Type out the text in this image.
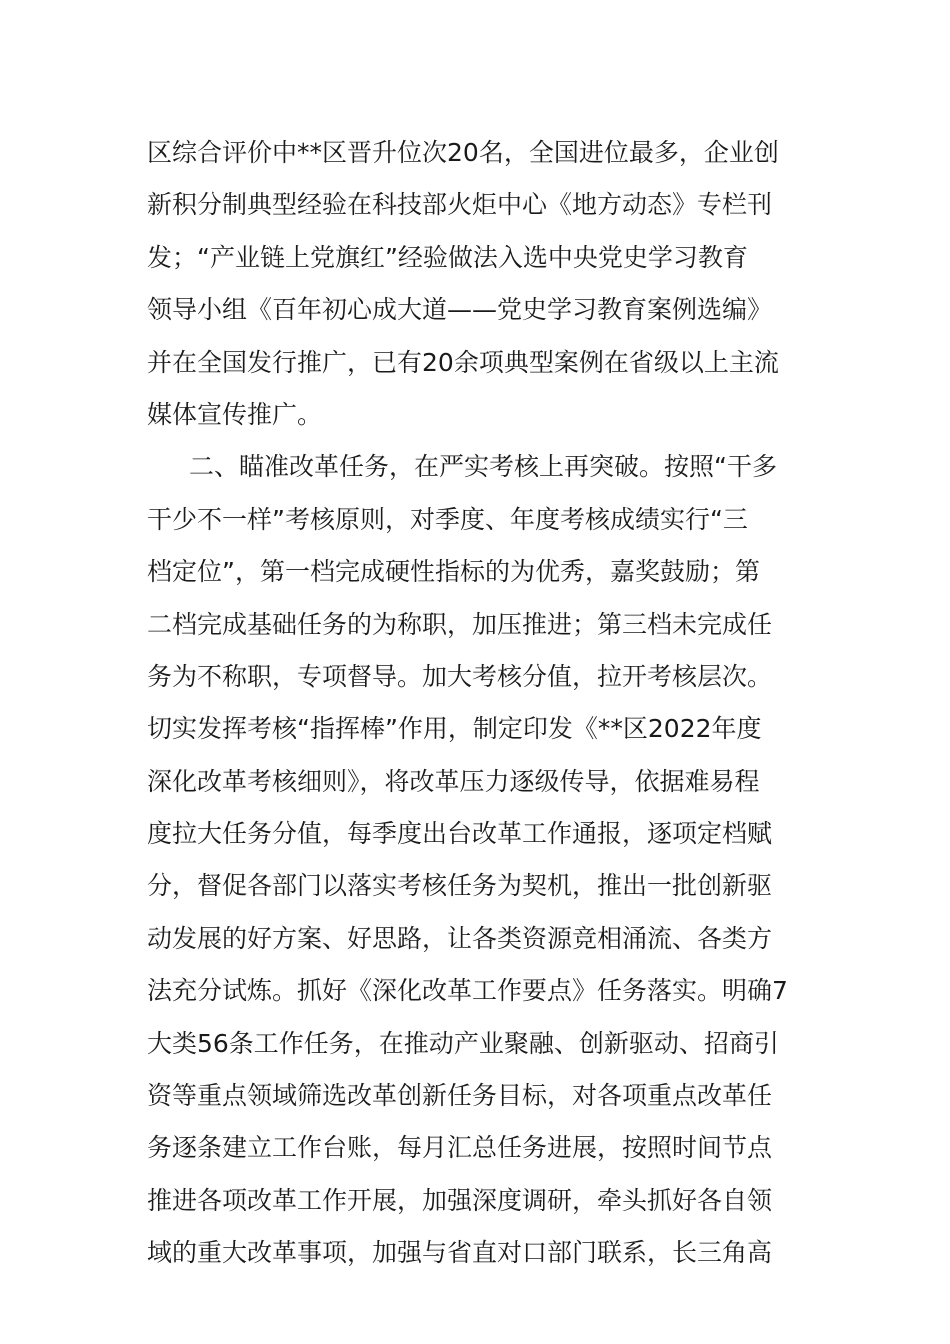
区综合评价中**区晋升位次20名，全国进位最多，企业创
新积分制典型经验在科技部火炬中心《地方动态》专栏刊
发；“产业链上党旗红”经验做法入选中央党史学习教育
领导小组《百年初心成大道——党史学习教育案例选编》
并在全国发行推广，已有20余项典型案例在省级以上主流
媒体宣传推广。
二、瞄准改革任务，在严实考核上再突破。按照“干多
干少不一样”考核原则，对季度、年度考核成绩实行“三
档定位”，第一档完成硬性指标的为优秀，嘉奖鼓励；第
二档完成基础任务的为称职，加压推进；第三档未完成任
务为不称职，专项督导。加大考核分值，拉开考核层次。
切实发挥考核“指挥棒”作用，制定印发《**区2022年度
深化改革考核细则》，将改革压力逐级传导，依据难易程
度拉大任务分值，每季度出台改革工作通报，逐项定档赋
分，督促各部门以落实考核任务为契机，推出一批创新驱
动发展的好方案、好思路，让各类资源竞相涌流、各类方
法充分试炼。抓好《深化改革工作要点》任务落实。明确7
大类56条工作任务，在推动产业聚融、创新驱动、招商引
资等重点领域筛选改革创新任务目标，对各项重点改革任
务逐条建立工作台账，每月汇总任务进展，按照时间节点
推进各项改革工作开展，加强深度调研，牵头抓好各自领
域的重大改革事项，加强与省直对口部门联系，长三角高
